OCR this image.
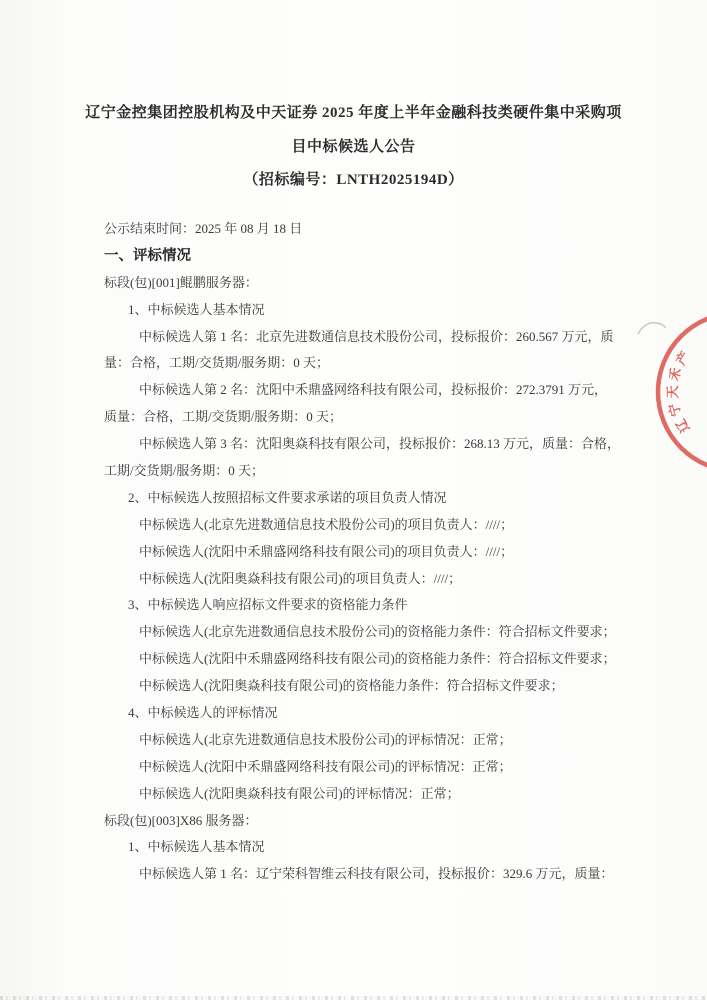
辽宁金控集团控股机构及中天证券 2025 年度上半年金融科技类硬件集中采购项
目中标候选人公告
（招标编号：LNTH2025194D）

公示结束时间：2025 年 08 月 18 日

一、评标情况

标段(包)[001]鲲鹏服务器：

1、中标候选人基本情况

中标候选人第 1 名：北京先进数通信息技术股份公司，投标报价：260.567 万元，质

量：合格，工期/交货期/服务期：0 天；

中标候选人第 2 名：沈阳中禾鼎盛网络科技有限公司，投标报价：272.3791 万元，

质量：合格，工期/交货期/服务期：0 天；

中标候选人第 3 名：沈阳奥焱科技有限公司，投标报价：268.13 万元，质量：合格，

工期/交货期/服务期：0 天；

2、中标候选人按照招标文件要求承诺的项目负责人情况

中标候选人(北京先进数通信息技术股份公司)的项目负责人：////；

中标候选人(沈阳中禾鼎盛网络科技有限公司)的项目负责人：////；

中标候选人(沈阳奥焱科技有限公司)的项目负责人：////；

3、中标候选人响应招标文件要求的资格能力条件

中标候选人(北京先进数通信息技术股份公司)的资格能力条件：符合招标文件要求；

中标候选人(沈阳中禾鼎盛网络科技有限公司)的资格能力条件：符合招标文件要求；

中标候选人(沈阳奥焱科技有限公司)的资格能力条件：符合招标文件要求；

4、中标候选人的评标情况

中标候选人(北京先进数通信息技术股份公司)的评标情况：正常；

中标候选人(沈阳中禾鼎盛网络科技有限公司)的评标情况：正常；

中标候选人(沈阳奥焱科技有限公司)的评标情况：正常；

标段(包)[003]X86 服务器：

1、中标候选人基本情况

中标候选人第 1 名：辽宁荣科智维云科技有限公司，投标报价：329.6 万元，质量：

辽
宁
天
禾
产
